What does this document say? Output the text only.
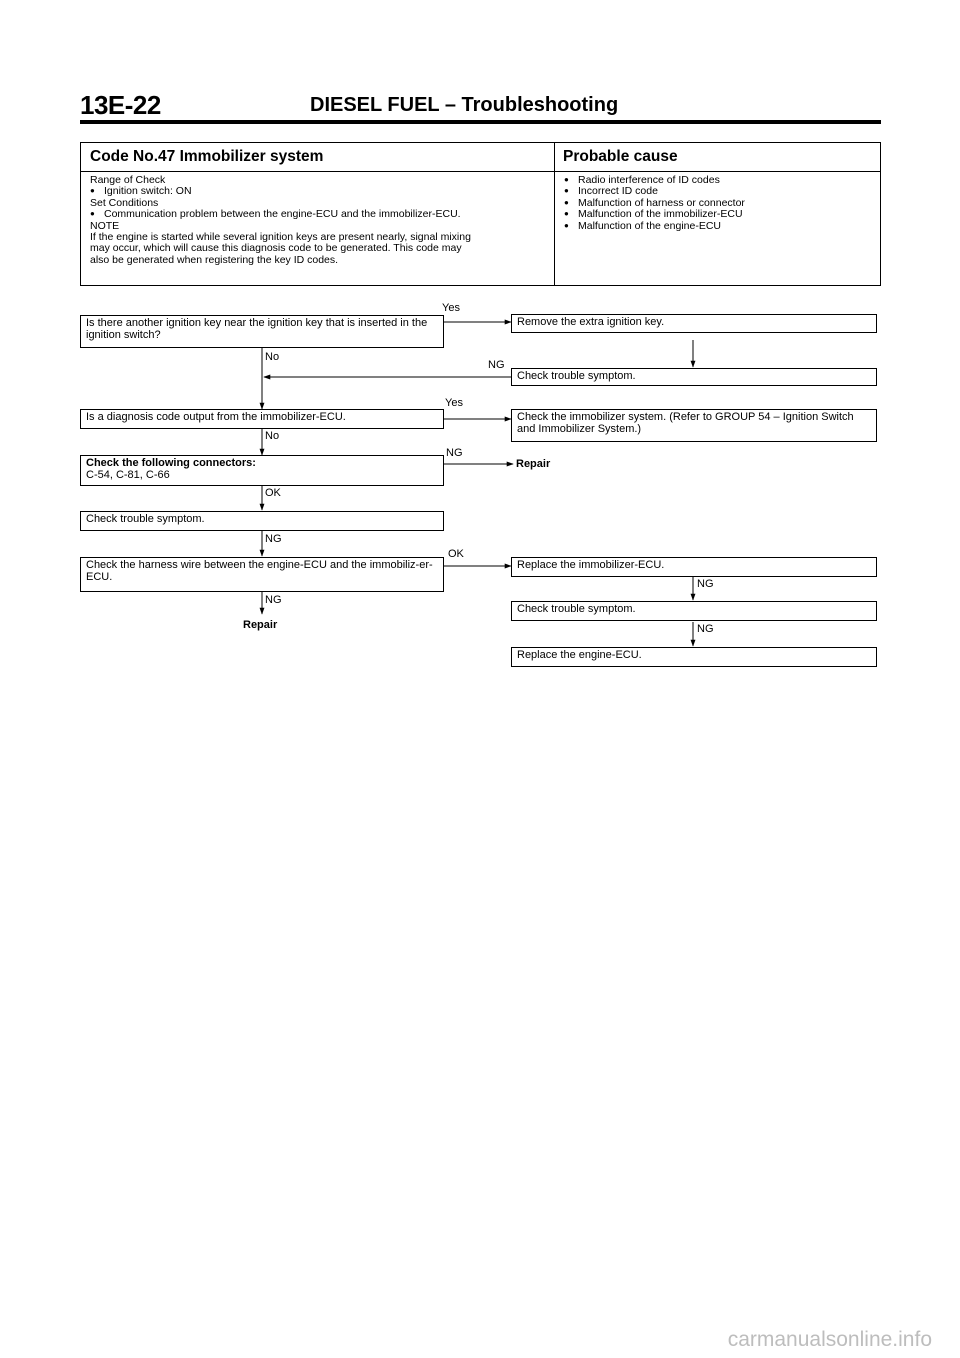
13E-22	DIESEL FUEL – Troubleshooting
Code No.47 Immobilizer system	Probable cause
Range of Check
● Ignition switch: ON
Set Conditions
● Communication problem between the engine-ECU and the immobilizer-ECU.
NOTE
If the engine is started while several ignition keys are present nearly, signal mixing
may occur, which will cause this diagnosis code to be generated. This code may
also be generated when registering the key ID codes.
● Radio interference of ID codes
● Incorrect ID code
● Malfunction of harness or connector
● Malfunction of the immobilizer-ECU
● Malfunction of the engine-ECU
Is there another ignition key near the ignition key that is inserted in the ignition switch?
Remove the extra ignition key.
Check trouble symptom.
Is a diagnosis code output from the immobilizer-ECU.	Check the immobilizer system. (Refer to GROUP 54 – Ignition Switch and Immobilizer System.)
Check the following connectors:
C-54, C-81, C-66
Repair
Check trouble symptom.
Check the harness wire between the engine-ECU and the immobiliz-er-ECU.
Replace the immobilizer-ECU.
Check trouble symptom.
Repair
Replace the engine-ECU.
Yes
No
NG
Yes
No
NG
OK
NG
OK
NG
NG
NG
carmanualsonline.info
